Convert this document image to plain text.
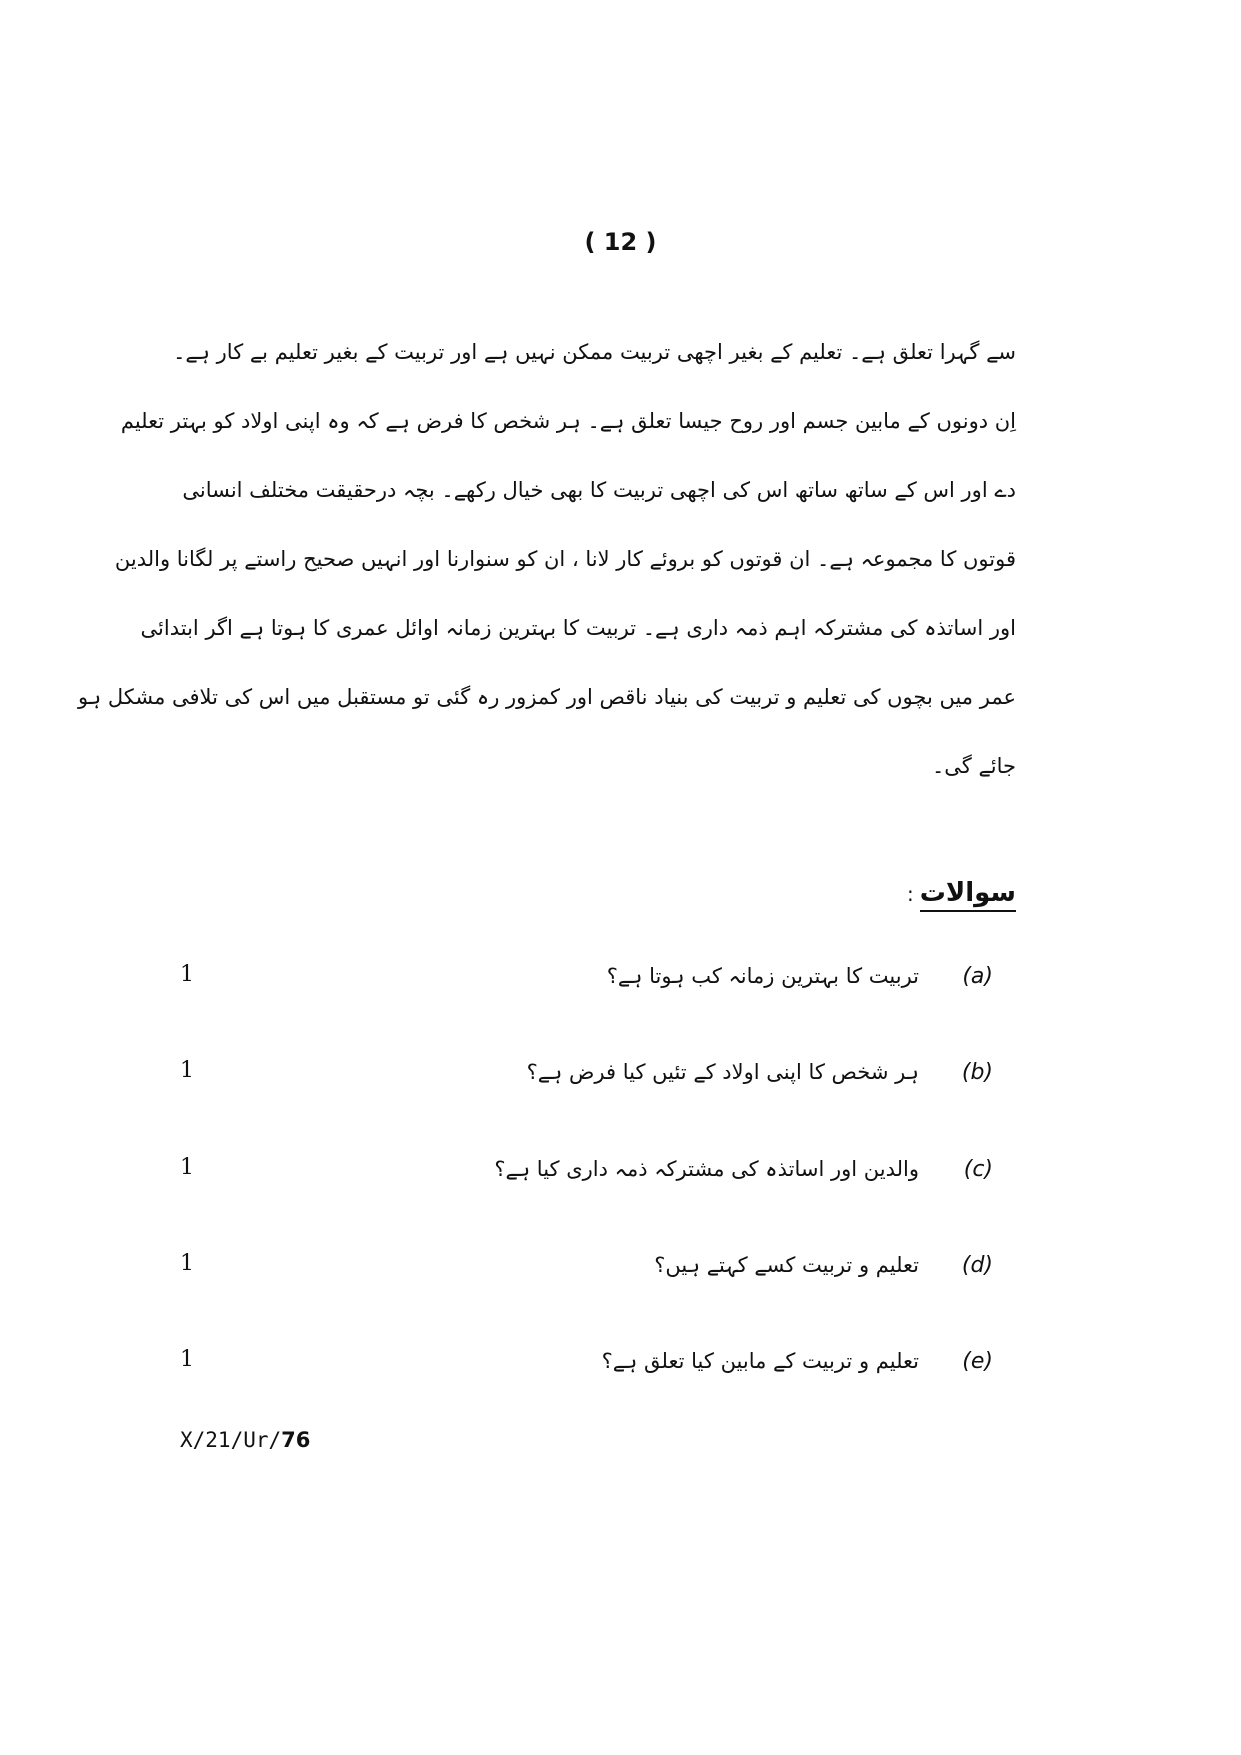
( 12 )
سے گہرا تعلق ہے۔ تعلیم کے بغیر اچھی تربیت ممکن نہیں ہے اور تربیت کے بغیر تعلیم بے کار ہے۔
اِن دونوں کے مابین جسم اور روح جیسا تعلق ہے۔ ہر شخص کا فرض ہے کہ وہ اپنی اولاد کو بہتر تعلیم
دے اور اس کے ساتھ ساتھ اس کی اچھی تربیت کا بھی خیال رکھے۔ بچہ درحقیقت مختلف انسانی
قوتوں کا مجموعہ ہے۔ ان قوتوں کو بروئے کار لانا ، ان کو سنوارنا اور انہیں صحیح راستے پر لگانا والدین
اور اساتذہ کی مشترکہ اہم ذمہ داری ہے۔ تربیت کا بہترین زمانہ اوائل عمری کا ہوتا ہے اگر ابتدائی
عمر میں بچوں کی تعلیم و تربیت کی بنیاد ناقص اور کمزور رہ گئی تو مستقبل میں اس کی تلافی مشکل ہو
جائے گی۔
سوالات:
(a)
تربیت کا بہترین زمانہ کب ہوتا ہے؟
1
(b)
ہر شخص کا اپنی اولاد کے تئیں کیا فرض ہے؟
1
(c)
والدین اور اساتذہ کی مشترکہ ذمہ داری کیا ہے؟
1
(d)
تعلیم و تربیت کسے کہتے ہیں؟
1
(e)
تعلیم و تربیت کے مابین کیا تعلق ہے؟
1
X/21/Ur/76
